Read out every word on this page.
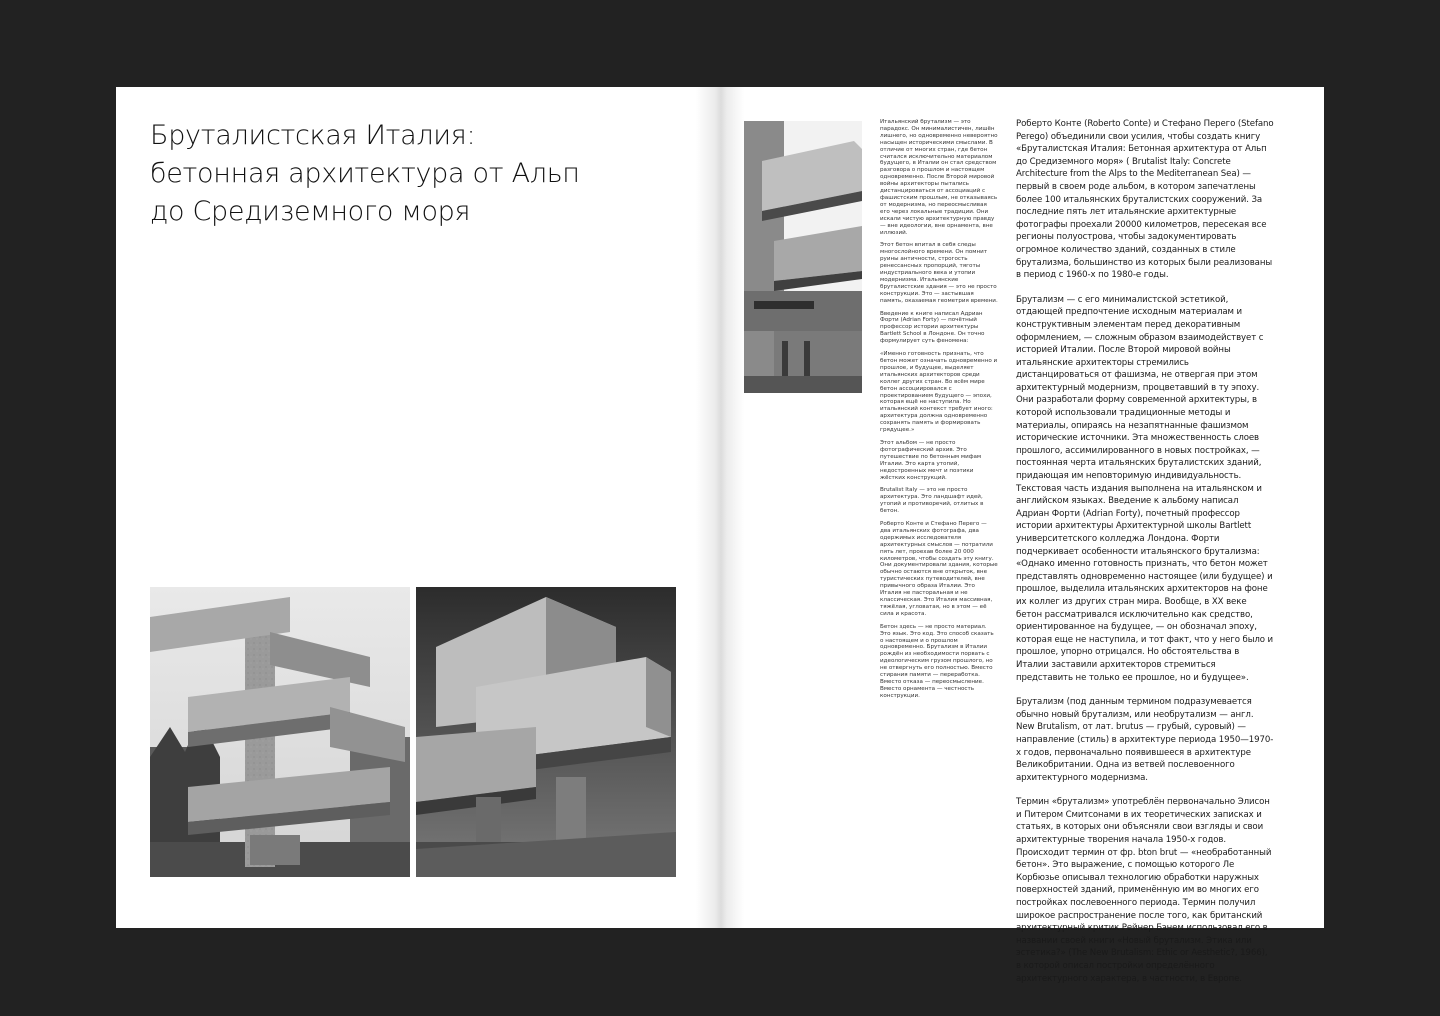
Бруталистская Италия: бетонная архитектура от Альп до Средиземного моря

Итальянский брутализм — это парадокс. Он минималистичен, лишён лишнего, но одновременно невероятно насыщен историческими смыслами. В отличие от многих стран, где бетон считался исключительно материалом будущего, в Италии он стал средством разговора о прошлом и настоящем одновременно. После Второй мировой войны архитекторы пытались дистанцироваться от ассоциаций с фашистским прошлым, не отказываясь от модернизма, но переосмысливая его через локальные традиции. Они искали чистую архитектурную правду — вне идеологии, вне орнамента, вне иллюзий.

Этот бетон впитал в себя следы многослойного времени. Он помнит руины античности, строгость ренессансных пропорций, тяготы индустриального века и утопии модернизма. Итальянские бруталистские здания — это не просто конструкции. Это — застывшая память, оказаемая геометрия времени.

Введение к книге написал Адриан Форти (Adrian Forty) — почётный профессор истории архитектуры Bartlett School в Лондоне. Он точно формулирует суть феномена:

«Именно готовность признать, что бетон может означать одновременно и прошлое, и будущее, выделяет итальянских архитекторов среди коллег других стран. Во всём мире бетон ассоциировался с проектированием будущего — эпохи, которая ещё не наступила. Но итальянский контекст требует иного: архитектура должна одновременно сохранять память и формировать грядущее.»

Этот альбом — не просто фотографический архив. Это путешествие по бетонным мифам Италии. Это карта утопий, недостроенных мечт и поэтики жёстких конструкций.

Brutalist Italy — это не просто архитектура. Это ландшафт идей, утопий и противоречий, отлитых в бетон.

Роберто Конте и Стефано Перего — два итальянских фотографа, два одержимых исследователя архитектурных смыслов — потратили пять лет, проехав более 20 000 километров, чтобы создать эту книгу. Они документировали здания, которые обычно остаются вне открыток, вне туристических путеводителей, вне привычного образа Италии. Это Италия не пасторальная и не классическая. Это Италия массивная, тяжёлая, угловатая, но в этом — её сила и красота.

Бетон здесь — не просто материал. Это язык. Это код. Это способ сказать о настоящем и о прошлом одновременно. Брутализм в Италии рождён из необходимости порвать с идеологическим грузом прошлого, но не отвергнуть его полностью. Вместо стирания памяти — переработка. Вместо отказа — переосмысление. Вместо орнамента — честность конструкции.

Роберто Конте (Roberto Conte) и Стефано Перего (Stefano Perego) объединили свои усилия, чтобы создать книгу «Бруталистская Италия: Бетонная архитектура от Альп до Средиземного моря» ( Brutalist Italy: Concrete Architecture from the Alps to the Mediterranean Sea) — первый в своем роде альбом, в котором запечатлены более 100 итальянских бруталистских сооружений. За последние пять лет итальянские архитектурные фотографы проехали 20000 километров, пересекая все регионы полуострова, чтобы задокументировать огромное количество зданий, созданных в стиле брутализма, большинство из которых были реализованы в период с 1960-х по 1980-е годы.

Брутализм — с его минималистской эстетикой, отдающей предпочтение исходным материалам и конструктивным элементам перед декоративным оформлением, — сложным образом взаимодействует с историей Италии. После Второй мировой войны итальянские архитекторы стремились дистанцироваться от фашизма, не отвергая при этом архитектурный модернизм, процветавший в ту эпоху. Они разработали форму современной архитектуры, в которой использовали традиционные методы и материалы, опираясь на незапятнанные фашизмом исторические источники. Эта множественность слоев прошлого, ассимилированного в новых постройках, — постоянная черта итальянских бруталистских зданий, придающая им неповторимую индивидуальность. Текстовая часть издания выполнена на итальянском и английском языках. Введение к альбому написал Адриан Форти (Adrian Forty), почетный профессор истории архитектуры Архитектурной школы Bartlett университетского колледжа Лондона. Форти подчеркивает особенности итальянского брутализма: «Однако именно готовность признать, что бетон может представлять одновременно настоящее (или будущее) и прошлое, выделила итальянских архитекторов на фоне их коллег из других стран мира. Вообще, в XX веке бетон рассматривался исключительно как средство, ориентированное на будущее, — он обозначал эпоху, которая еще не наступила, и тот факт, что у него было и прошлое, упорно отрицался. Но обстоятельства в Италии заставили архитекторов стремиться представить не только ее прошлое, но и будущее».

Брутализм (под данным термином подразумевается обычно новый брутализм, или необрутализм — англ. New Brutalism, от лат. brutus — грубый, суровый) — направление (стиль) в архитектуре периода 1950—1970-х годов, первоначально появившееся в архитектуре Великобритании. Одна из ветвей послевоенного архитектурного модернизма.

Термин «брутализм» употреблён первоначально Элисон и Питером Смитсонами в их теоретических записках и статьях, в которых они объясняли свои взгляды и свои архитектурные творения начала 1950-х годов. Происходит термин от фр. bton brut — «необработанный бетон». Это выражение, с помощью которого Ле Корбюзье описывал технологию обработки наружных поверхностей зданий, применённую им во многих его постройках послевоенного периода. Термин получил широкое распространение после того, как британский архитектурный критик Рейнер Бэнем использовал его в названии своей книги «Новый брутализм. Этика или эстетика?» (The New Brutalism: Ethic or Aesthetic?, 1966), в которой описал постройки определённого архитектурного характера, в частности, в Европе.
